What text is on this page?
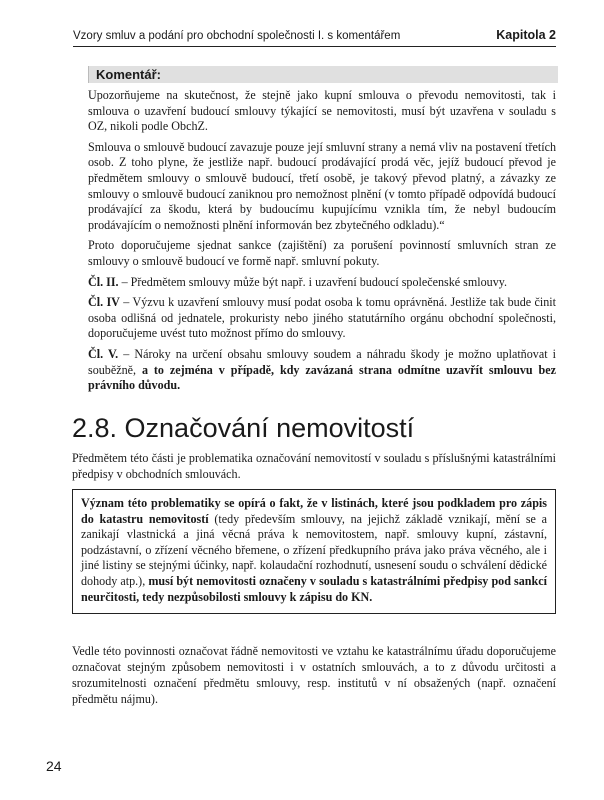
Vzory smluv a podání pro obchodní společnosti I. s komentářem	Kapitola 2
Komentář:

Upozorňujeme na skutečnost, že stejně jako kupní smlouva o převodu nemovitosti, tak i smlouva o uzavření budoucí smlouvy týkající se nemovitosti, musí být uzavřena v souladu s OZ, nikoli podle ObchZ.

Smlouva o smlouvě budoucí zavazuje pouze její smluvní strany a nemá vliv na postavení třetích osob. Z toho plyne, že jestliže např. budoucí prodávající prodá věc, jejíž budoucí převod je předmětem smlouvy o smlouvě budoucí, třetí osobě, je takový převod platný, a závazky ze smlouvy o smlouvě budoucí zaniknou pro nemožnost plnění (v tomto případě odpovídá budoucí prodávající za škodu, která by budoucímu kupujícímu vznikla tím, že nebyl budoucím prodávajícím o nemožnosti plnění informován bez zbytečného odkladu).“

Proto doporučujeme sjednat sankce (zajištění) za porušení povinností smluvních stran ze smlouvy o smlouvě budoucí ve formě např. smluvní pokuty.

Čl. II. – Předmětem smlouvy může být např. i uzavření budoucí společenské smlouvy.

Čl. IV – Výzvu k uzavření smlouvy musí podat osoba k tomu oprávněná. Jestliže tak bude činit osoba odlišná od jednatele, prokuristy nebo jiného statutárního orgánu obchodní společnosti, doporučujeme uvést tuto možnost přímo do smlouvy.

Čl. V. – Nároky na určení obsahu smlouvy soudem a náhradu škody je možno uplatňovat i souběžně, a to zejména v případě, kdy zavázaná strana odmítne uzavřít smlouvu bez právního důvodu.

2.8. Označování nemovitostí

Předmětem této části je problematika označování nemovitostí v souladu s příslušnými katastrálními předpisy v obchodních smlouvách.

Význam této problematiky se opírá o fakt, že v listinách, které jsou podkladem pro zápis do katastru nemovitostí (tedy především smlouvy, na jejichž základě vznikají, mění se a zanikají vlastnická a jiná věcná práva k nemovitostem, např. smlouvy kupní, zástavní, podzástavní, o zřízení věcného břemene, o zřízení předkupního práva jako práva věcného, ale i jiné listiny se stejnými účinky, např. kolaudační rozhodnutí, usnesení soudu o schválení dědické dohody atp.), musí být nemovitosti označeny v souladu s katastrálními předpisy pod sankcí neurčitosti, tedy nezpůsobilosti smlouvy k zápisu do KN.

Vedle této povinnosti označovat řádně nemovitosti ve vztahu ke katastrálnímu úřadu doporučujeme označovat stejným způsobem nemovitosti i v ostatních smlouvách, a to z důvodu určitosti a srozumitelnosti označení předmětu smlouvy, resp. institutů v ní obsažených (např. označení předmětu nájmu).

24
